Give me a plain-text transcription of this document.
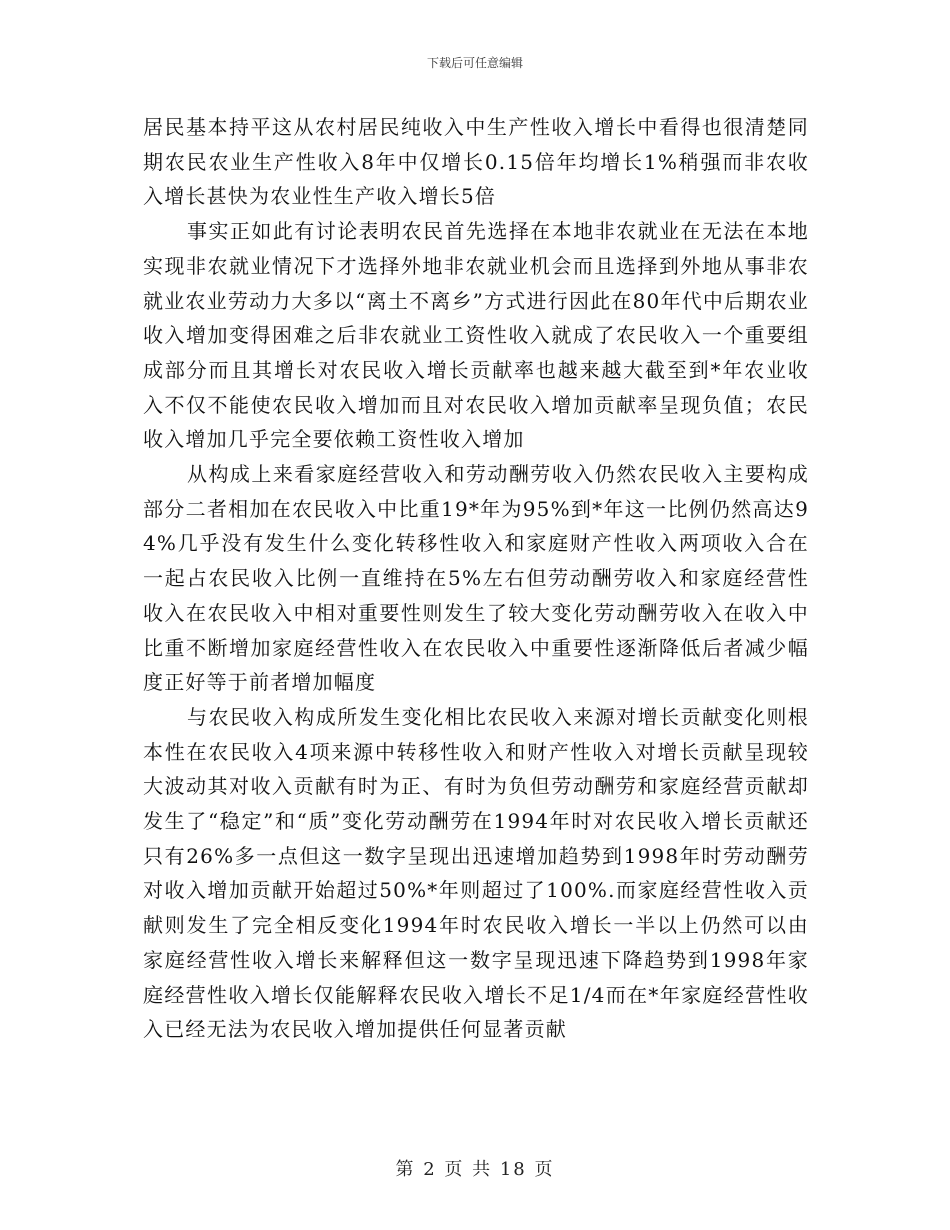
下载后可任意编辑

居民基本持平这从农村居民纯收入中生产性收入增长中看得也很清楚同期农民农业生产性收入8年中仅增长0.15倍年均增长1%稍强而非农收入增长甚快为农业性生产收入增长5倍

事实正如此有讨论表明农民首先选择在本地非农就业在无法在本地实现非农就业情况下才选择外地非农就业机会而且选择到外地从事非农就业农业劳动力大多以“离土不离乡”方式进行因此在80年代中后期农业收入增加变得困难之后非农就业工资性收入就成了农民收入一个重要组成部分而且其增长对农民收入增长贡献率也越来越大截至到*年农业收入不仅不能使农民收入增加而且对农民收入增加贡献率呈现负值；农民收入增加几乎完全要依赖工资性收入增加

从构成上来看家庭经营收入和劳动酬劳收入仍然农民收入主要构成部分二者相加在农民收入中比重19*年为95%到*年这一比例仍然高达94%几乎没有发生什么变化转移性收入和家庭财产性收入两项收入合在一起占农民收入比例一直维持在5%左右但劳动酬劳收入和家庭经营性收入在农民收入中相对重要性则发生了较大变化劳动酬劳收入在收入中比重不断增加家庭经营性收入在农民收入中重要性逐渐降低后者减少幅度正好等于前者增加幅度

与农民收入构成所发生变化相比农民收入来源对增长贡献变化则根本性在农民收入4项来源中转移性收入和财产性收入对增长贡献呈现较大波动其对收入贡献有时为正、有时为负但劳动酬劳和家庭经营贡献却发生了“稳定”和“质”变化劳动酬劳在1994年时对农民收入增长贡献还只有26%多一点但这一数字呈现出迅速增加趋势到1998年时劳动酬劳对收入增加贡献开始超过50%*年则超过了100%.而家庭经营性收入贡献则发生了完全相反变化1994年时农民收入增长一半以上仍然可以由家庭经营性收入增长来解释但这一数字呈现迅速下降趋势到1998年家庭经营性收入增长仅能解释农民收入增长不足1/4而在*年家庭经营性收入已经无法为农民收入增加提供任何显著贡献

第 2 页 共 18 页
